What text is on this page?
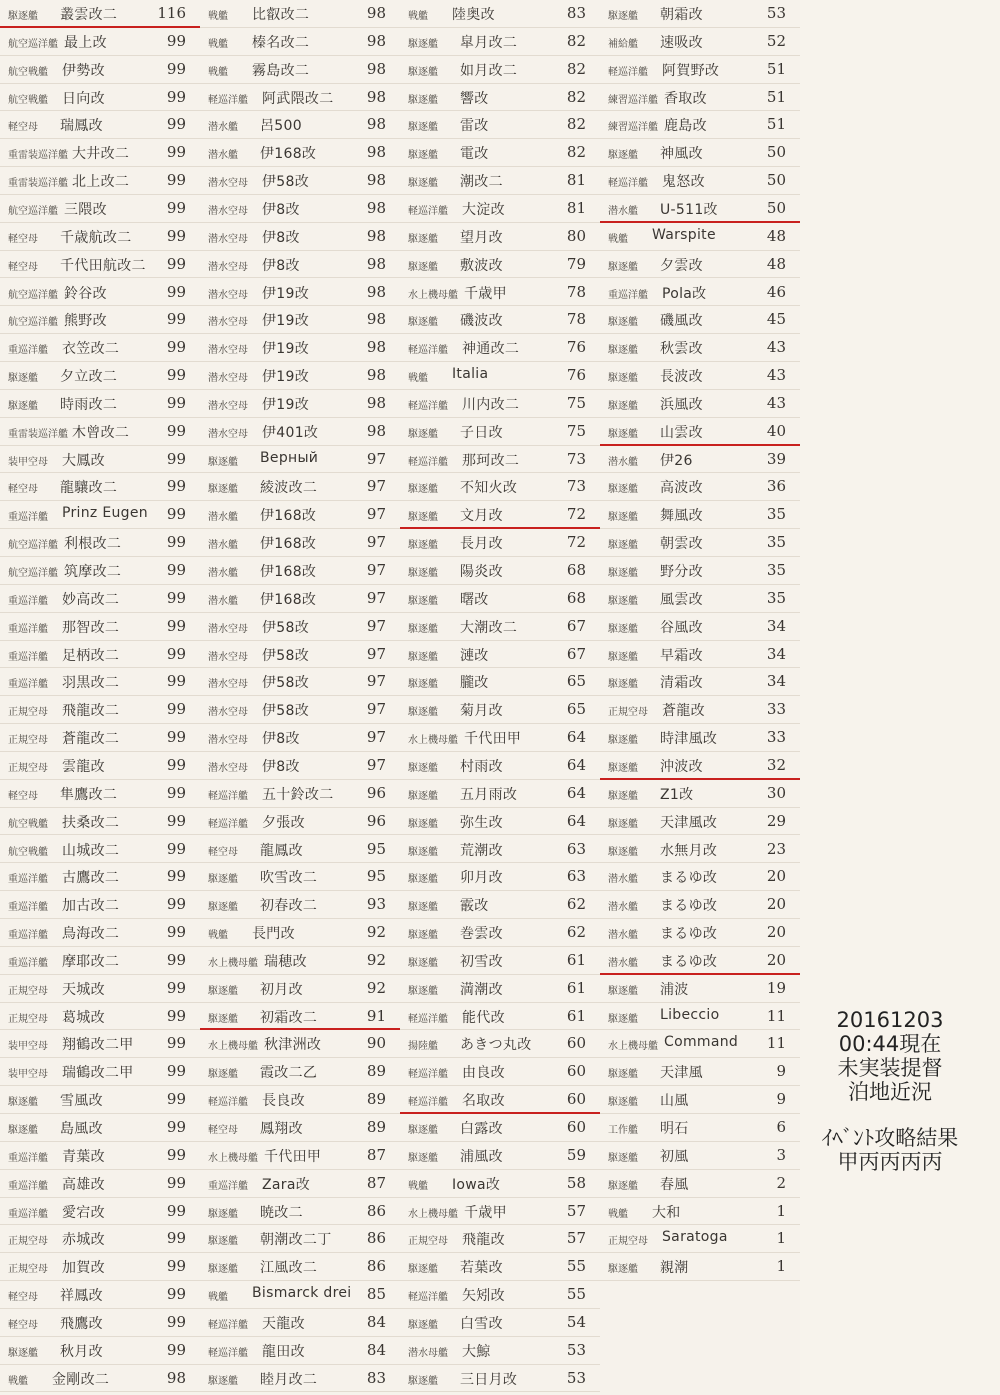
駆逐艦 叢雲改二	116
航空巡洋艦 最上改	99
航空戦艦 伊勢改	99
航空戦艦 日向改	99
軽空母 瑞鳳改	99
重雷装巡洋艦 大井改二	99
重雷装巡洋艦 北上改二	99
航空巡洋艦 三隈改	99
軽空母 千歳航改二 99
軽空母 千代田航改二 99
航空巡洋艦 鈴谷改	99
航空巡洋艦 熊野改	99
重巡洋艦 衣笠改二	99
駆逐艦 夕立改二	99
駆逐艦 時雨改二	99
重雷装巡洋艦 木曾改二	99
装甲空母 大鳳改	99
軽空母 龍驤改二	99
重巡洋艦 Prinz Eugen 99
航空巡洋艦 利根改二	99
航空巡洋艦 筑摩改二	99
重巡洋艦 妙高改二	99
重巡洋艦 那智改二	99
重巡洋艦 足柄改二	99
重巡洋艦 羽黒改二	99
正規空母 飛龍改二	99
正規空母 蒼龍改二	99
正規空母 雲龍改	99
軽空母 隼鷹改二	99
航空戦艦 扶桑改二	99
航空戦艦 山城改二	99
重巡洋艦 古鷹改二	99
重巡洋艦 加古改二	99
重巡洋艦 鳥海改二	99
重巡洋艦 摩耶改二	99
正規空母 天城改	99
正規空母 葛城改	99
装甲空母 翔鶴改二甲 99
装甲空母 瑞鶴改二甲 99
駆逐艦 雪風改	99
駆逐艦 島風改	99
重巡洋艦 青葉改	99
重巡洋艦 高雄改	99
重巡洋艦 愛宕改	99
正規空母 赤城改	99
正規空母 加賀改	99
軽空母 祥鳳改	99
軽空母 飛鷹改	99
駆逐艦 秋月改	99
戦艦 金剛改二	98
戦艦 比叡改二	98
戦艦 榛名改二	98
戦艦 霧島改二	98
軽巡洋艦 阿武隈改二 98
潜水艦 呂500	98
潜水艦 伊168改	98
潜水空母 伊58改	98
潜水空母 伊8改	98
潜水空母 伊8改	98
潜水空母 伊8改	98
潜水空母 伊19改	98
潜水空母 伊19改	98
潜水空母 伊19改	98
潜水空母 伊19改	98
潜水空母 伊19改	98
潜水空母 伊401改	98
駆逐艦 Верный	97
駆逐艦 綾波改二	97
潜水艦 伊168改	97
潜水艦 伊168改	97
潜水艦 伊168改	97
潜水艦 伊168改	97
潜水空母 伊58改	97
潜水空母 伊58改	97
潜水空母 伊58改	97
潜水空母 伊58改	97
潜水空母 伊8改	97
潜水空母 伊8改	97
軽巡洋艦 五十鈴改二 96
軽巡洋艦 夕張改	96
軽空母 龍鳳改	95
駆逐艦 吹雪改二	95
駆逐艦 初春改二	93
戦艦 長門改	92
水上機母艦 瑞穂改	92
駆逐艦 初月改	92
駆逐艦 初霜改二	91
水上機母艦 秋津洲改	90
駆逐艦 霞改二乙	89
軽巡洋艦 長良改	89
軽空母 鳳翔改	89
水上機母艦 千代田甲	87
重巡洋艦 Zara改	87
駆逐艦 暁改二	86
駆逐艦 朝潮改二丁 86
駆逐艦 江風改二	86
戦艦 Bismarck drei 85
軽巡洋艦 天龍改	84
軽巡洋艦 龍田改	84
駆逐艦 睦月改二	83
戦艦 陸奥改	83
駆逐艦 皐月改二	82
駆逐艦 如月改二	82
駆逐艦 響改	82
駆逐艦 雷改	82
駆逐艦 電改	82
駆逐艦 潮改二	81
軽巡洋艦 大淀改	81
駆逐艦 望月改	80
駆逐艦 敷波改	79
水上機母艦 千歳甲	78
駆逐艦 磯波改	78
軽巡洋艦 神通改二	76
戦艦 Italia	76
軽巡洋艦 川内改二	75
駆逐艦 子日改	75
軽巡洋艦 那珂改二	73
駆逐艦 不知火改	73
駆逐艦 文月改	72
駆逐艦 長月改	72
駆逐艦 陽炎改	68
駆逐艦 曙改	68
駆逐艦 大潮改二	67
駆逐艦 漣改	67
駆逐艦 朧改	65
駆逐艦 菊月改	65
水上機母艦 千代田甲	64
駆逐艦 村雨改	64
駆逐艦 五月雨改	64
駆逐艦 弥生改	64
駆逐艦 荒潮改	63
駆逐艦 卯月改	63
駆逐艦 霰改	62
駆逐艦 巻雲改	62
駆逐艦 初雪改	61
駆逐艦 満潮改	61
軽巡洋艦 能代改	61
揚陸艦 あきつ丸改 60
軽巡洋艦 由良改	60
軽巡洋艦 名取改	60
駆逐艦 白露改	60
駆逐艦 浦風改	59
戦艦 Iowa改	58
水上機母艦 千歳甲	57
正規空母 飛龍改	57
駆逐艦 若葉改	55
軽巡洋艦 矢矧改	55
駆逐艦 白雪改	54
潜水母艦 大鯨	53
駆逐艦 三日月改	53
駆逐艦 朝霜改	53
補給艦 速吸改	52
軽巡洋艦 阿賀野改	51
練習巡洋艦 香取改	51
練習巡洋艦 鹿島改	51
駆逐艦 神風改	50
軽巡洋艦 鬼怒改	50
潜水艦 U-511改	50
戦艦 Warspite	48
駆逐艦 夕雲改	48
重巡洋艦 Pola改	46
駆逐艦 磯風改	45
駆逐艦 秋雲改	43
駆逐艦 長波改	43
駆逐艦 浜風改	43
駆逐艦 山雲改	40
潜水艦 伊26	39
駆逐艦 高波改	36
駆逐艦 舞風改	35
駆逐艦 朝雲改	35
駆逐艦 野分改	35
駆逐艦 風雲改	35
駆逐艦 谷風改	34
駆逐艦 早霜改	34
駆逐艦 清霜改	34
正規空母 蒼龍改	33
駆逐艦 時津風改	33
駆逐艦 沖波改	32
駆逐艦 Z1改	30
駆逐艦 天津風改	29
駆逐艦 水無月改	23
潜水艦 まるゆ改	20
潜水艦 まるゆ改	20
潜水艦 まるゆ改	20
潜水艦 まるゆ改	20
駆逐艦 浦波	19
駆逐艦 Libeccio	11
水上機母艦 Command 11
駆逐艦 天津風	9
駆逐艦 山風	9
工作艦 明石	6
駆逐艦 初風	3
駆逐艦 春風	2
戦艦 大和	1
正規空母 Saratoga	1
駆逐艦 親潮	1
20161203
00:44現在
未実装提督
泊地近況
ｲﾍﾞﾝﾄ攻略結果
甲丙丙丙丙
